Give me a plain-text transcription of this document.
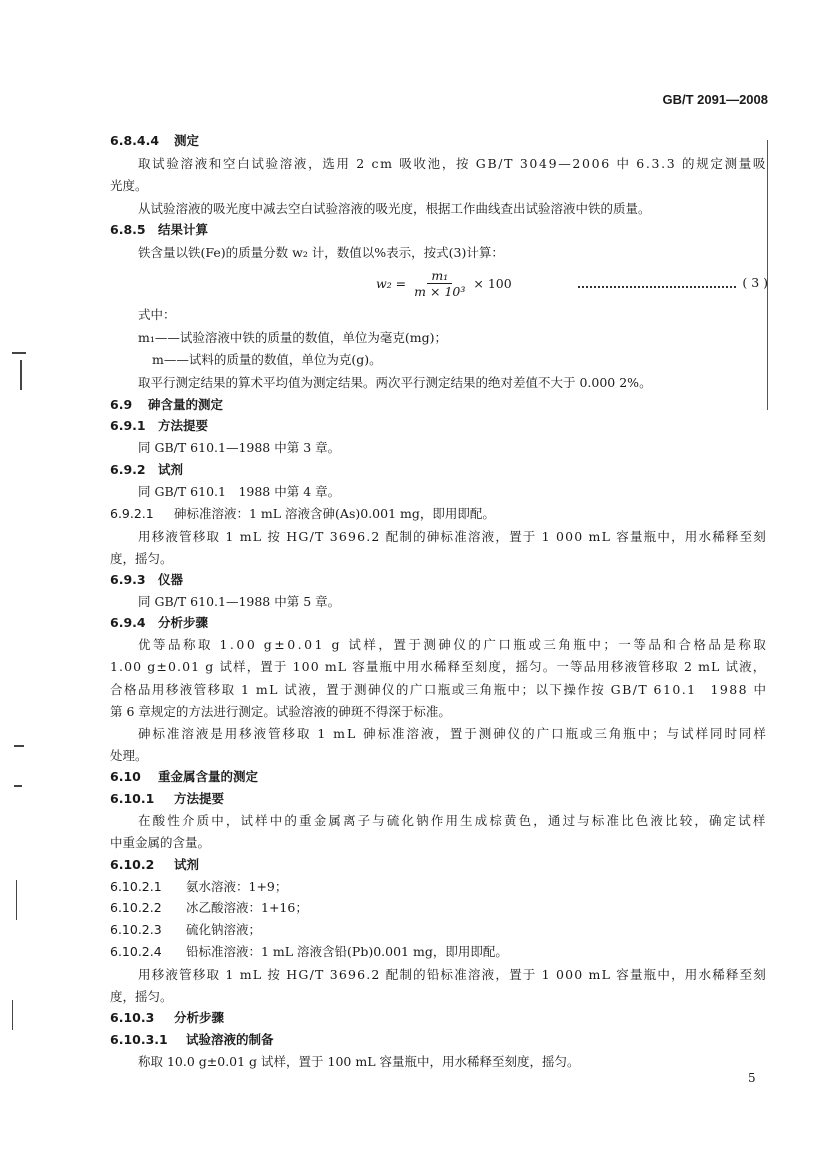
GB/T 2091—2008
6.8.4.4 测定
取 试 验 溶 液 和 空 白 试 验 溶 液 ， 选 用
2
c m
吸 收 池 ， 按
G B / T
3 0 4 9 — 2 0 0 6
中
6 . 3 . 3
的 规 定 测 量 吸
光度。
从试验溶液的吸光度中减去空白试验溶液的吸光度，根据工作曲线查出试验溶液中铁的质量。
6.8.5 结果计算
铁含量以铁(Fe)的质量分数 w₂ 计，数值以%表示，按式(3)计算：
$w_2 = \frac{\text{m₁}}{\text{m × 10³}} \times 100$	( 3 )
式中：
m₁——试验溶液中铁的质量的数值，单位为毫克(mg)；
m——试料的质量的数值，单位为克(g)。
取平行测定结果的算术平均值为测定结果。两次平行测定结果的绝对差值不大于 0.000 2%。
6.9 砷含量的测定
6.9.1 方法提要
同 GB/T 610.1—1988 中第 3 章。
6.9.2 试剂
同 GB/T 610.1　1988 中第 4 章。
6.9.2.1 砷标准溶液：1 mL 溶液含砷(As)0.001 mg，即用即配。
用 移 液 管 移 取
1
m L
按
H G / T
3 6 9 6 . 2
配 制 的 砷 标 准 溶 液 ， 置 于
1
0 0 0
m L
容 量 瓶 中 ， 用 水 稀 释 至 刻
度，摇匀。
6.9.3 仪器
同 GB/T 610.1—1988 中第 5 章。
6.9.4 分析步骤
优 等 品 称 取
1 . 0 0
g ± 0 . 0 1
g
试 样 ， 置 于 测 砷 仪 的 广 口 瓶 或 三 角 瓶 中 ； 一 等 品 和 合 格 品 是 称 取
1 . 0 0
g ± 0 . 0 1
g
试 样 ， 置 于
1 0 0
m L
容 量 瓶 中 用 水 稀 释 至 刻 度 ， 摇 匀 。 一 等 品 用 移 液 管 移 取
2
m L
试 液 ，
合 格 品 用 移 液 管 移 取
1
m L
试 液 ， 置 于 测 砷 仪 的 广 口 瓶 或 三 角 瓶 中 ； 以 下 操 作 按
G B / T
6 1 0 . 1
　 1 9 8 8
中
第 6 章规定的方法进行测定。试验溶液的砷斑不得深于标准。
砷 标 准 溶 液 是 用 移 液 管 移 取
1
m L
砷 标 准 溶 液 ， 置 于 测 砷 仪 的 广 口 瓶 或 三 角 瓶 中 ； 与 试 样 同 时 同 样
处理。
6.10 重金属含量的测定
6.10.1 方法提要
在 酸 性 介 质 中 ， 试 样 中 的 重 金 属 离 子 与 硫 化 钠 作 用 生 成 棕 黄 色 ， 通 过 与 标 准 比 色 液 比 较 ， 确 定 试 样
中重金属的含量。
6.10.2 试剂
6.10.2.1 氨水溶液：1+9；
6.10.2.2 冰乙酸溶液：1+16；
6.10.2.3 硫化钠溶液；
6.10.2.4 铅标准溶液：1 mL 溶液含铅(Pb)0.001 mg，即用即配。
用 移 液 管 移 取
1
m L
按
H G / T
3 6 9 6 . 2
配 制 的 铅 标 准 溶 液 ， 置 于
1
0 0 0
m L
容 量 瓶 中 ， 用 水 稀 释 至 刻
度，摇匀。
6.10.3 分析步骤
6.10.3.1 试验溶液的制备
称取 10.0 g±0.01 g 试样，置于 100 mL 容量瓶中，用水稀释至刻度，摇匀。
5
